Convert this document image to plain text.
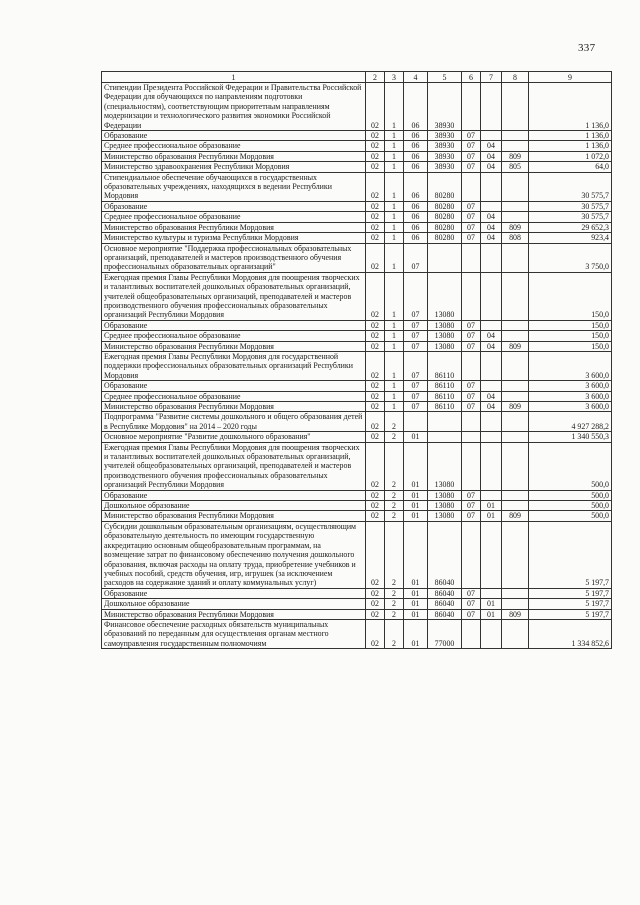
337
1	2	3	4	5	6	7	8	9
Стипендии Президента Российской Федерации и Правительства Российской Федерации для обучающихся по направлениям подготовки (специальностям), соответствующим приоритетным направлениям модернизации и технологического развития экономики Российской Федерации	02	1	06	38930				1 136,0
Образование	02	1	06	38930	07			1 136,0
Среднее профессиональное образование	02	1	06	38930	07	04		1 136,0
Министерство образования Республики Мордовия	02	1	06	38930	07	04	809	1 072,0
Министерство здравоохранения Республики Мордовия	02	1	06	38930	07	04	805	64,0
Стипендиальное обеспечение обучающихся в государственных образовательных учреждениях, находящихся в ведении Республики Мордовия	02	1	06	80280				30 575,7
Образование	02	1	06	80280	07			30 575,7
Среднее профессиональное образование	02	1	06	80280	07	04		30 575,7
Министерство образования Республики Мордовия	02	1	06	80280	07	04	809	29 652,3
Министерство культуры и туризма Республики Мордовия	02	1	06	80280	07	04	808	923,4
Основное мероприятие "Поддержка профессиональных образовательных организаций, преподавателей и мастеров производственного обучения профессиональных образовательных организаций"	02	1	07					3 750,0
Ежегодная премия Главы Республики Мордовия для поощрения творческих и талантливых воспитателей дошкольных образовательных организаций, учителей общеобразовательных организаций, преподавателей и мастеров производственного обучения профессиональных образовательных организаций Республики Мордовия	02	1	07	13080				150,0
Образование	02	1	07	13080	07			150,0
Среднее профессиональное образование	02	1	07	13080	07	04		150,0
Министерство образования Республики Мордовия	02	1	07	13080	07	04	809	150,0
Ежегодная премия Главы Республики Мордовия для государственной поддержки профессиональных образовательных организаций Республики Мордовия	02	1	07	86110				3 600,0
Образование	02	1	07	86110	07			3 600,0
Среднее профессиональное образование	02	1	07	86110	07	04		3 600,0
Министерство образования Республики Мордовия	02	1	07	86110	07	04	809	3 600,0
Подпрограмма "Развитие системы дошкольного и общего образования детей в Республике Мордовия" на 2014 – 2020 годы	02	2						4 927 288,2
Основное мероприятие "Развитие дошкольного образования"	02	2	01					1 340 550,3
Ежегодная премия Главы Республики Мордовия для поощрения творческих и талантливых воспитателей дошкольных образовательных организаций, учителей общеобразовательных организаций, преподавателей и мастеров производственного обучения профессиональных образовательных организаций Республики Мордовия	02	2	01	13080				500,0
Образование	02	2	01	13080	07			500,0
Дошкольное образование	02	2	01	13080	07	01		500,0
Министерство образования Республики Мордовия	02	2	01	13080	07	01	809	500,0
Субсидии дошкольным образовательным организациям, осуществляющим образовательную деятельность по имеющим государственную аккредитацию основным общеобразовательным программам, на возмещение затрат по финансовому обеспечению получения дошкольного образования, включая расходы на оплату труда, приобретение учебников и учебных пособий, средств обучения, игр, игрушек (за исключением расходов на содержание зданий и оплату коммунальных услуг)	02	2	01	86040				5 197,7
Образование	02	2	01	86040	07			5 197,7
Дошкольное образование	02	2	01	86040	07	01		5 197,7
Министерство образования Республики Мордовия	02	2	01	86040	07	01	809	5 197,7
Финансовое обеспечение расходных обязательств муниципальных образований по переданным для осуществления органам местного самоуправления государственным полномочиям	02	2	01	77000				1 334 852,6
